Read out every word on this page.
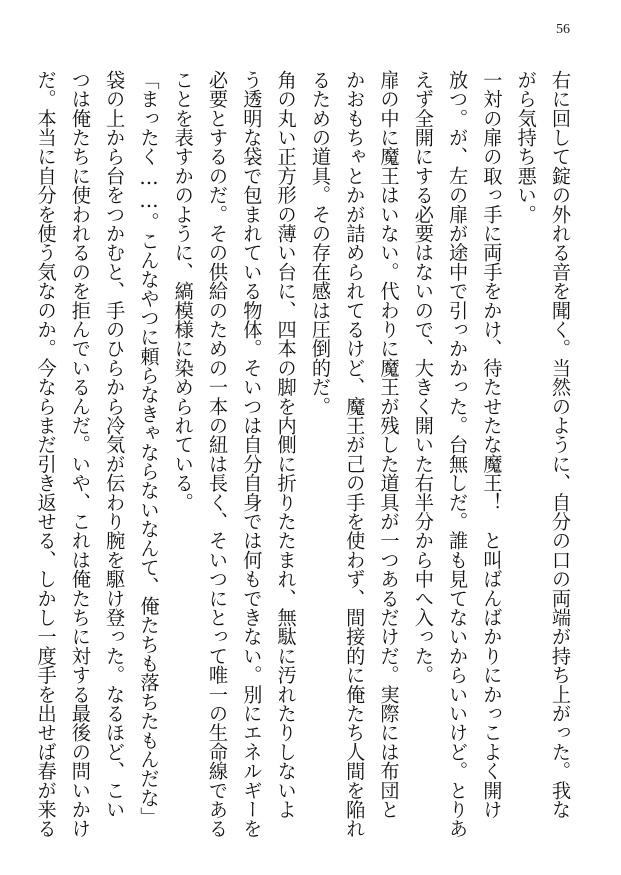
56
右に回して錠の外れる音を聞く。当然のように、自分の口の両端が持ち上がった。我な
がら気持ち悪い。
一対の扉の取っ手に両手をかけ、待たせたな魔王！　と叫ばんばかりにかっこよく開け
放つ。が、左の扉が途中で引っかかった。台無しだ。誰も見てないからいいけど。とりあ
えず全開にする必要はないので、大きく開いた右半分から中へ入った。
扉の中に魔王はいない。代わりに魔王が残した道具が一つあるだけだ。実際には布団と
かおもちゃとかが詰められてるけど、魔王が己の手を使わず、間接的に俺たち人間を陥れ
るための道具。その存在感は圧倒的だ。
角の丸い正方形の薄い台に、四本の脚を内側に折りたたまれ、無駄に汚れたりしないよ
う透明な袋で包まれている物体。そいつは自分自身では何もできない。別にエネルギーを
必要とするのだ。その供給のための一本の紐は長く、そいつにとって唯一の生命線である
ことを表すかのように、縞模様に染められている。
「まったく……。こんなやつに頼らなきゃならないなんて、俺たちも落ちたもんだな」
袋の上から台をつかむと、手のひらから冷気が伝わり腕を駆け登った。なるほど、こい
つは俺たちに使われるのを拒んでいるんだ。いや、これは俺たちに対する最後の問いかけ
だ。本当に自分を使う気なのか。今ならまだ引き返せる、しかし一度手を出せば春が来る
